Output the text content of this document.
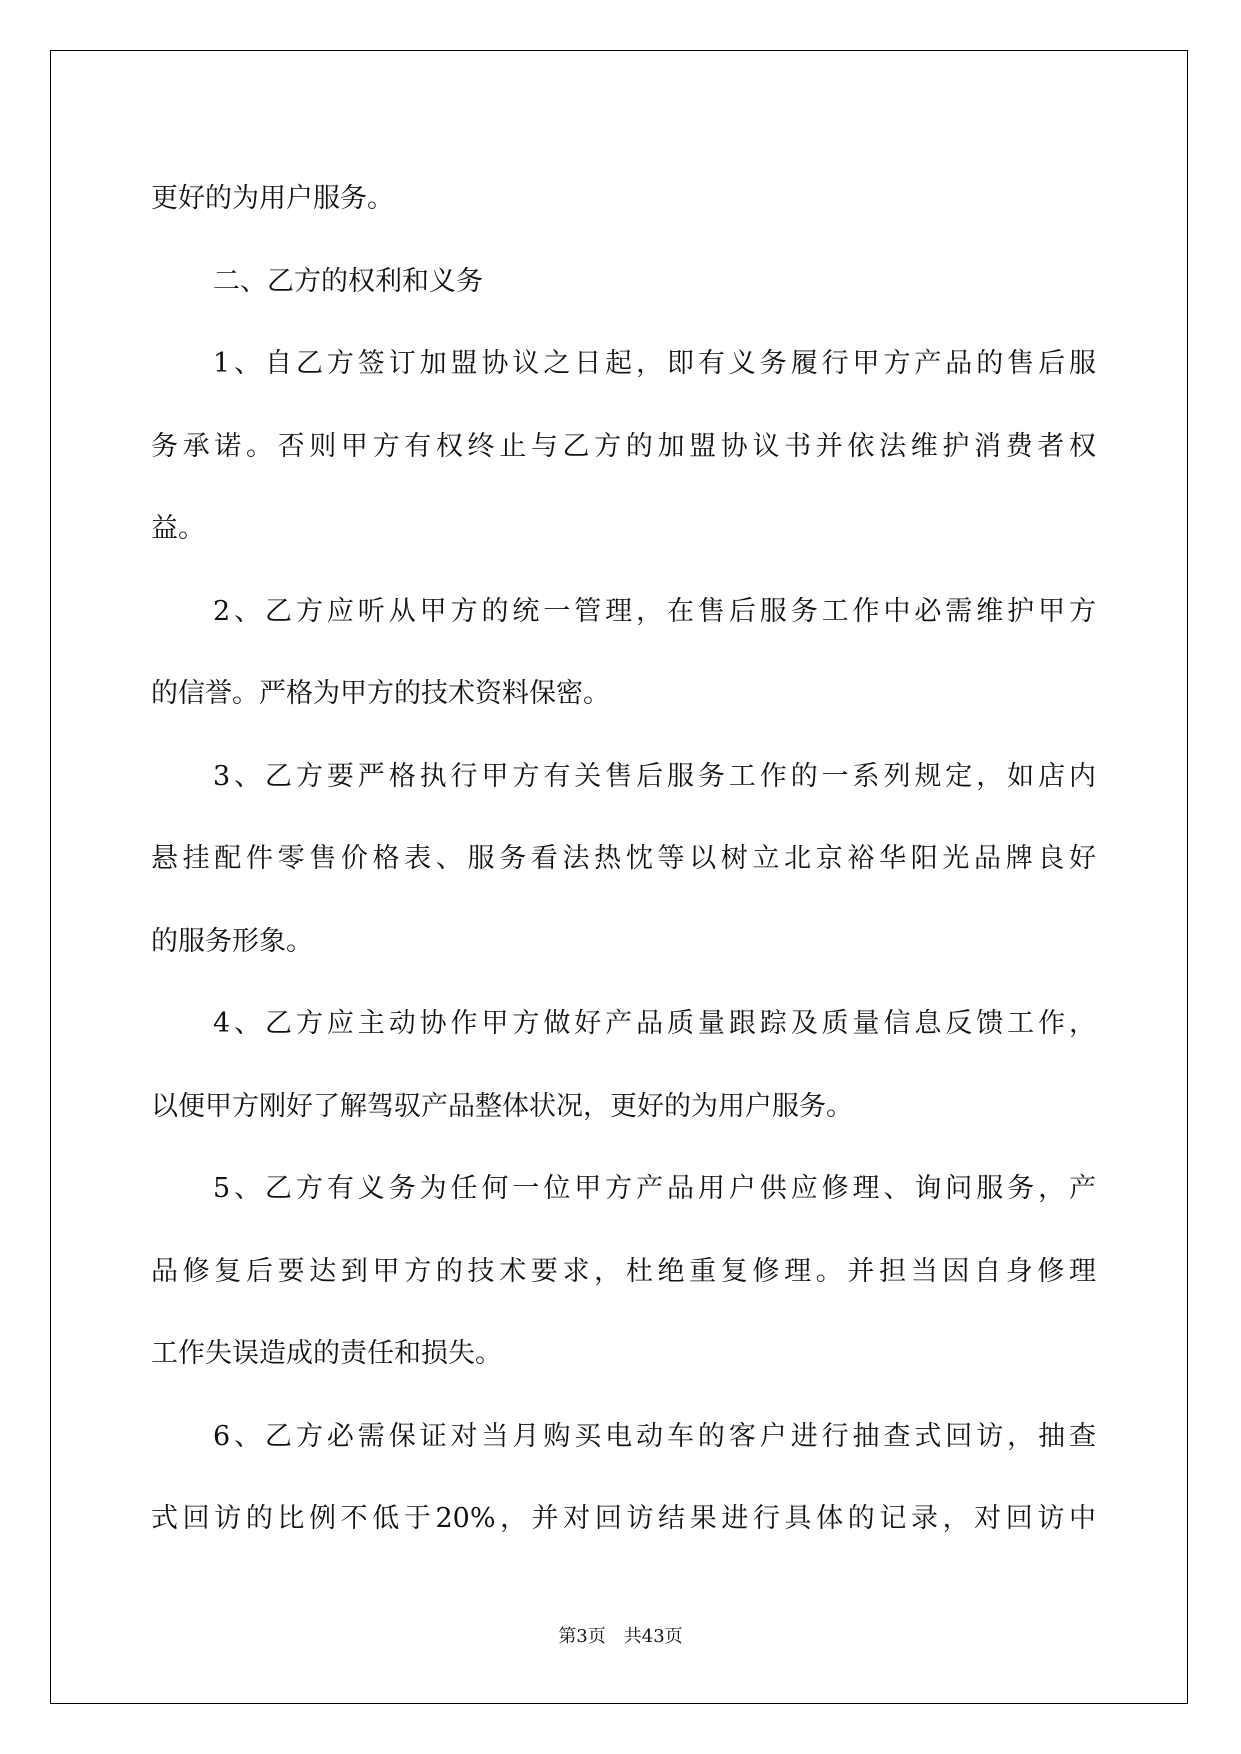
更好的为用户服务。
二、乙方的权利和义务
1、自乙方签订加盟协议之日起，即有义务履行甲方产品的售后服
务承诺。否则甲方有权终止与乙方的加盟协议书并依法维护消费者权
益。
2、乙方应听从甲方的统一管理，在售后服务工作中必需维护甲方
的信誉。严格为甲方的技术资料保密。
3、乙方要严格执行甲方有关售后服务工作的一系列规定，如店内
悬挂配件零售价格表、服务看法热忱等以树立北京裕华阳光品牌良好
的服务形象。
4、乙方应主动协作甲方做好产品质量跟踪及质量信息反馈工作，
以便甲方刚好了解驾驭产品整体状况，更好的为用户服务。
5、乙方有义务为任何一位甲方产品用户供应修理、询问服务，产
品修复后要达到甲方的技术要求，杜绝重复修理。并担当因自身修理
工作失误造成的责任和损失。
6、乙方必需保证对当月购买电动车的客户进行抽查式回访，抽查
式回访的比例不低于20%，并对回访结果进行具体的记录，对回访中
第3页　共43页
